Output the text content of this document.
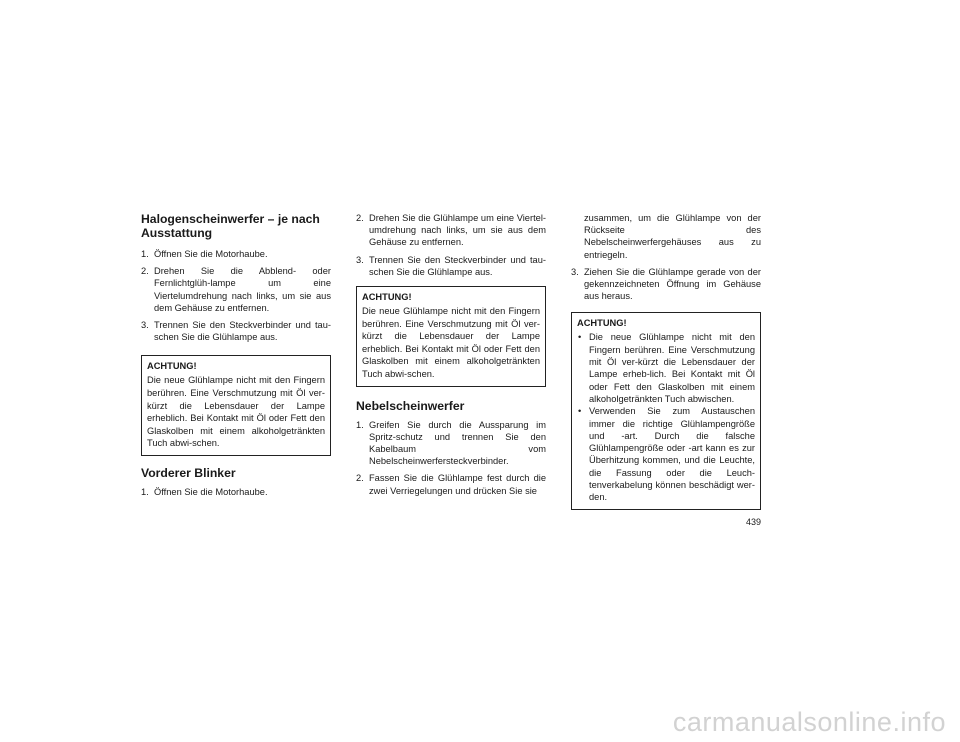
Halogenscheinwerfer – je nach Ausstattung
1. Öffnen Sie die Motorhaube.
2. Drehen Sie die Abblend- oder Fernlichtglüh-lampe um eine Viertelumdrehung nach links, um sie aus dem Gehäuse zu entfernen.
3. Trennen Sie den Steckverbinder und tau-schen Sie die Glühlampe aus.
ACHTUNG!
Die neue Glühlampe nicht mit den Fingern berühren. Eine Verschmutzung mit Öl ver-kürzt die Lebensdauer der Lampe erheblich. Bei Kontakt mit Öl oder Fett den Glaskolben mit einem alkoholgetränkten Tuch abwi-schen.
Vorderer Blinker
1. Öffnen Sie die Motorhaube.
2. Drehen Sie die Glühlampe um eine Viertel-umdrehung nach links, um sie aus dem Gehäuse zu entfernen.
3. Trennen Sie den Steckverbinder und tau-schen Sie die Glühlampe aus.
ACHTUNG!
Die neue Glühlampe nicht mit den Fingern berühren. Eine Verschmutzung mit Öl ver-kürzt die Lebensdauer der Lampe erheblich. Bei Kontakt mit Öl oder Fett den Glaskolben mit einem alkoholgetränkten Tuch abwi-schen.
Nebelscheinwerfer
1. Greifen Sie durch die Aussparung im Spritz-schutz und trennen Sie den Kabelbaum vom Nebelscheinwerfersteckverbinder.
2. Fassen Sie die Glühlampe fest durch die zwei Verriegelungen und drücken Sie sie
zusammen, um die Glühlampe von der Rückseite des Nebelscheinwerfergehäuses aus zu entriegeln.
3. Ziehen Sie die Glühlampe gerade von der gekennzeichneten Öffnung im Gehäuse aus heraus.
ACHTUNG!
• Die neue Glühlampe nicht mit den Fingern berühren. Eine Verschmutzung mit Öl ver-kürzt die Lebensdauer der Lampe erheb-lich. Bei Kontakt mit Öl oder Fett den Glaskolben mit einem alkoholgetränkten Tuch abwischen.
• Verwenden Sie zum Austauschen immer die richtige Glühlampengröße und -art. Durch die falsche Glühlampengröße oder -art kann es zur Überhitzung kommen, und die Leuchte, die Fassung oder die Leuch-tenverkabelung können beschädigt wer-den.
439
carmanualsonline.info
